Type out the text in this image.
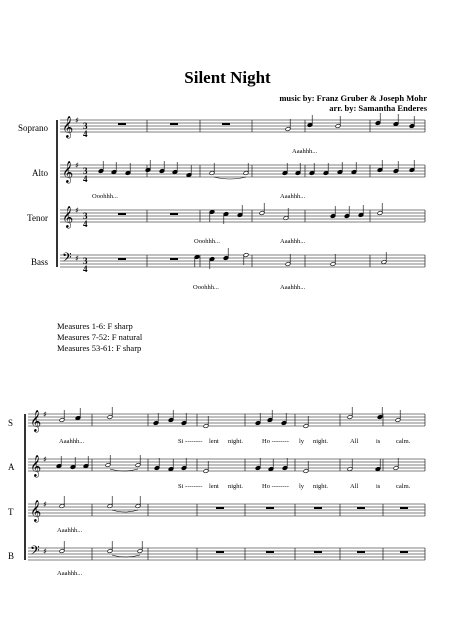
Silent Night
music by: Franz Gruber & Joseph Mohr
arr. by: Samantha Enderes
Soprano
Alto
Tenor
Bass
S
A
T
B
Aaahhh...
Ooohhh...	Aaahhh...
Ooohhh...	Aaahhh...
Ooohhh...	Aaahhh...
Measures 1-6: F sharp
Measures 7-52: F natural
Measures 53-61: F sharp
Aaahhh...	Si -------- lent night.	Ho -------- ly night.	All	is calm.
Si -------- lent night.	Ho -------- ly night.	All	is calm.
Aaahhh...
Aaahhh...
𝄞 ♯
𝄞 ♯
𝄞 ♯
𝄢 ♯
𝄞 ♯
𝄞 ♯
𝄞 ♯
𝄢 ♯
3
4
3
4
3
4
3
4
